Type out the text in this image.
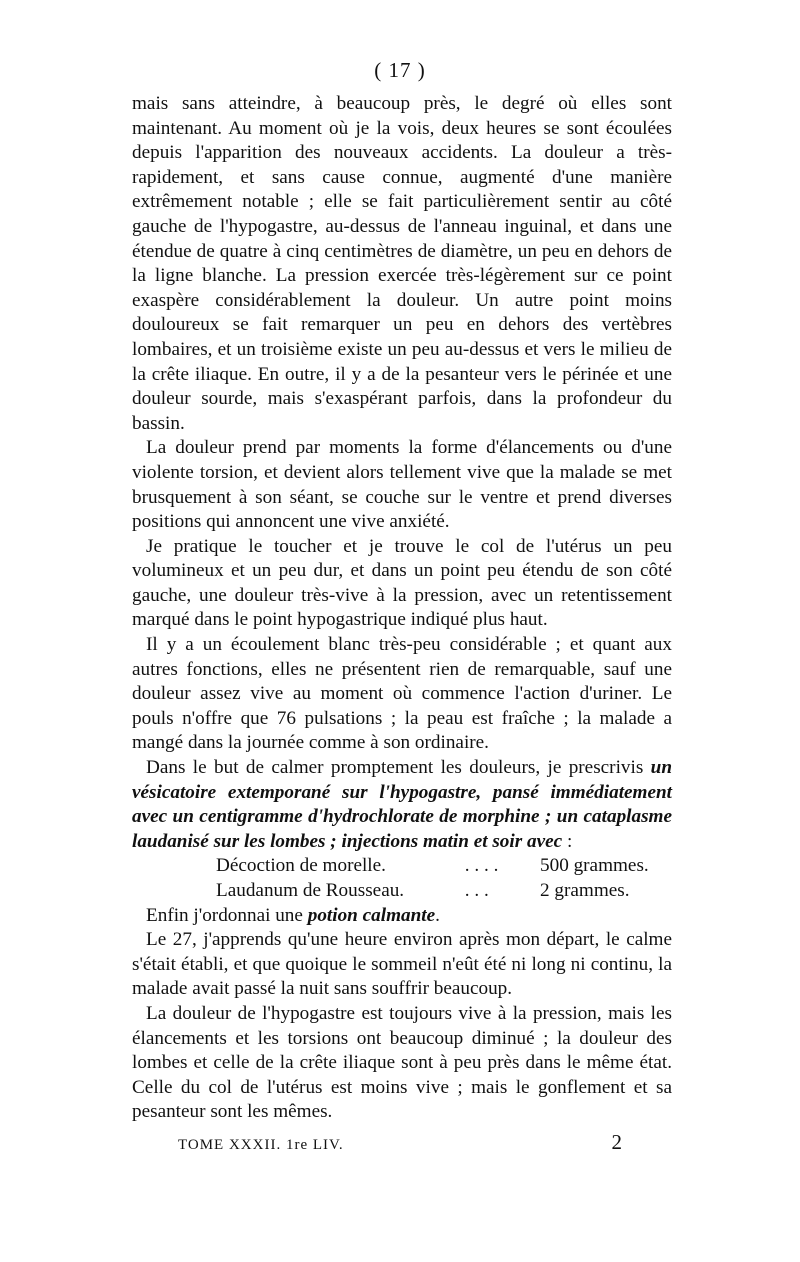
( 17 )

mais sans atteindre, à beaucoup près, le degré où elles sont maintenant. Au moment où je la vois, deux heures se sont écoulées depuis l'apparition des nouveaux accidents. La douleur a très-rapidement, et sans cause connue, augmenté d'une manière extrêmement notable ; elle se fait particulièrement sentir au côté gauche de l'hypogastre, au-dessus de l'anneau inguinal, et dans une étendue de quatre à cinq centimètres de diamètre, un peu en dehors de la ligne blanche. La pression exercée très-légèrement sur ce point exaspère considérablement la douleur. Un autre point moins douloureux se fait remarquer un peu en dehors des vertèbres lombaires, et un troisième existe un peu au-dessus et vers le milieu de la crête iliaque. En outre, il y a de la pesanteur vers le périnée et une douleur sourde, mais s'exaspérant parfois, dans la profondeur du bassin.

La douleur prend par moments la forme d'élancements ou d'une violente torsion, et devient alors tellement vive que la malade se met brusquement à son séant, se couche sur le ventre et prend diverses positions qui annoncent une vive anxiété.

Je pratique le toucher et je trouve le col de l'utérus un peu volumineux et un peu dur, et dans un point peu étendu de son côté gauche, une douleur très-vive à la pression, avec un retentissement marqué dans le point hypogastrique indiqué plus haut.

Il y a un écoulement blanc très-peu considérable ; et quant aux autres fonctions, elles ne présentent rien de remarquable, sauf une douleur assez vive au moment où commence l'action d'uriner. Le pouls n'offre que 76 pulsations ; la peau est fraîche ; la malade a mangé dans la journée comme à son ordinaire.

Dans le but de calmer promptement les douleurs, je prescrivis un vésicatoire extemporané sur l'hypogastre, pansé immédiatement avec un centigramme d'hydrochlorate de morphine ; un cataplasme laudanisé sur les lombes ; injections matin et soir avec :

Décoction de morelle.	. . . .	500 grammes.
Laudanum de Rousseau.	. . .	2 grammes.

Enfin j'ordonnai une potion calmante.

Le 27, j'apprends qu'une heure environ après mon départ, le calme s'était établi, et que quoique le sommeil n'eût été ni long ni continu, la malade avait passé la nuit sans souffrir beaucoup.

La douleur de l'hypogastre est toujours vive à la pression, mais les élancements et les torsions ont beaucoup diminué ; la douleur des lombes et celle de la crête iliaque sont à peu près dans le même état. Celle du col de l'utérus est moins vive ; mais le gonflement et sa pesanteur sont les mêmes.

TOME XXXII. 1re LIV.	2
